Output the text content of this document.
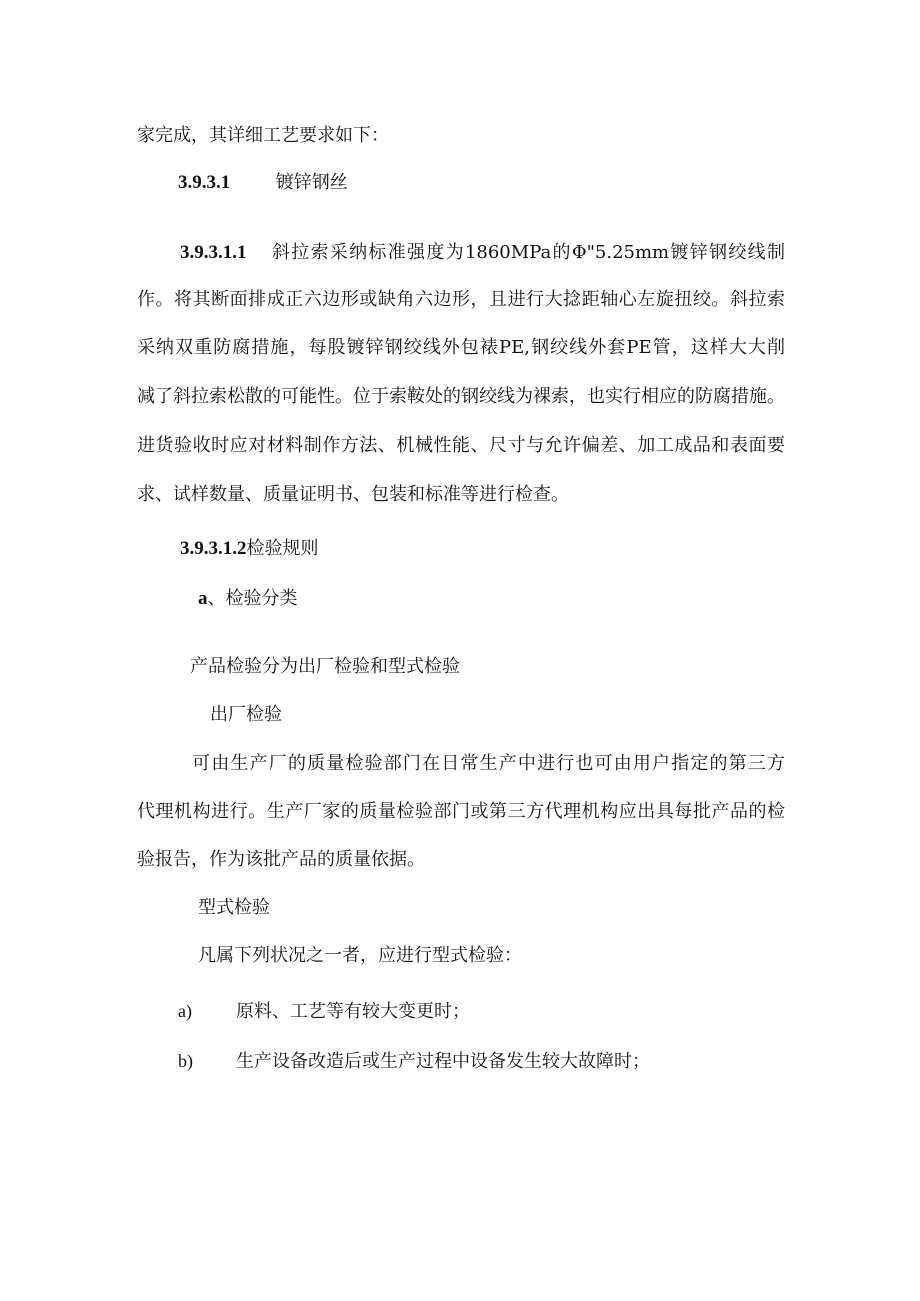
家完成，其详细工艺要求如下：
3.9.3.1	镀锌钢丝
3.9.3.1.1 斜拉索采纳标准强度为1860MPa的Φ"5.25mm镀锌钢绞线制
作。将其断面排成正六边形或缺角六边形，且进行大捻距轴心左旋扭绞。斜拉索
采纳双重防腐措施，每股镀锌钢绞线外包裱PE,钢绞线外套PE管，这样大大削
减了斜拉索松散的可能性。位于索鞍处的钢绞线为裸索，也实行相应的防腐措施。
进货验收时应对材料制作方法、机械性能、尺寸与允许偏差、加工成品和表面要
求、试样数量、质量证明书、包装和标准等进行检查。
3.9.3.1.2检验规则
a、检验分类
产品检验分为出厂检验和型式检验
出厂检验
可由生产厂的质量检验部门在日常生产中进行也可由用户指定的第三方
代理机构进行。生产厂家的质量检验部门或第三方代理机构应出具每批产品的检
验报告，作为该批产品的质量依据。
型式检验
凡属下列状况之一者，应进行型式检验：
a) 原料、工艺等有较大变更时；
b) 生产设备改造后或生产过程中设备发生较大故障时；
